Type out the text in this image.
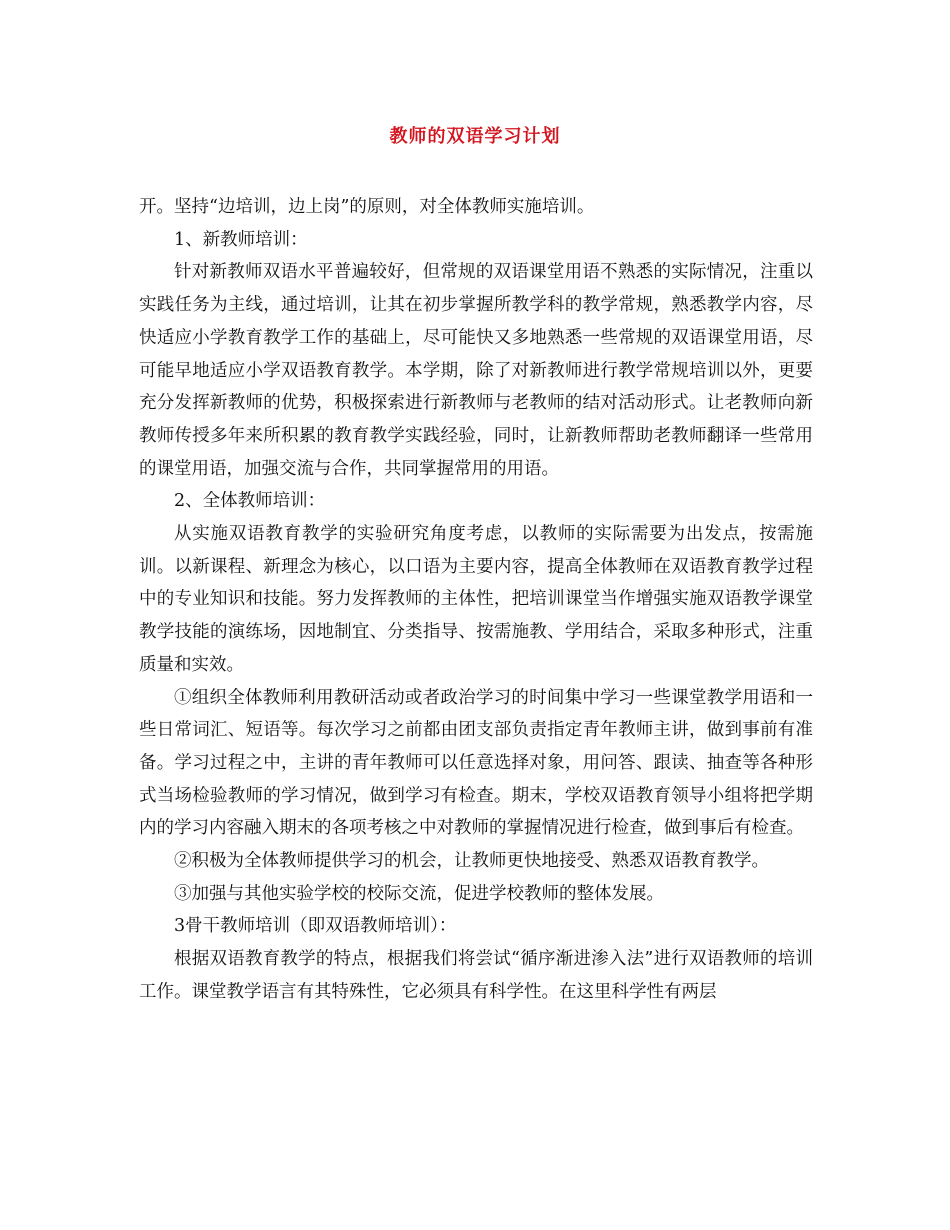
教师的双语学习计划

开。坚持“边培训，边上岗”的原则，对全体教师实施培训。

1、新教师培训：

针对新教师双语水平普遍较好，但常规的双语课堂用语不熟悉的实际情况，注重以实践任务为主线，通过培训，让其在初步掌握所教学科的教学常规，熟悉教学内容，尽快适应小学教育教学工作的基础上，尽可能快又多地熟悉一些常规的双语课堂用语，尽可能早地适应小学双语教育教学。本学期，除了对新教师进行教学常规培训以外，更要充分发挥新教师的优势，积极探索进行新教师与老教师的结对活动形式。让老教师向新教师传授多年来所积累的教育教学实践经验，同时，让新教师帮助老教师翻译一些常用的课堂用语，加强交流与合作，共同掌握常用的用语。

2、全体教师培训：

从实施双语教育教学的实验研究角度考虑，以教师的实际需要为出发点，按需施训。以新课程、新理念为核心，以口语为主要内容，提高全体教师在双语教育教学过程中的专业知识和技能。努力发挥教师的主体性，把培训课堂当作增强实施双语教学课堂教学技能的演练场，因地制宜、分类指导、按需施教、学用结合，采取多种形式，注重质量和实效。

①组织全体教师利用教研活动或者政治学习的时间集中学习一些课堂教学用语和一些日常词汇、短语等。每次学习之前都由团支部负责指定青年教师主讲，做到事前有准备。学习过程之中，主讲的青年教师可以任意选择对象，用问答、跟读、抽查等各种形式当场检验教师的学习情况，做到学习有检查。期末，学校双语教育领导小组将把学期内的学习内容融入期末的各项考核之中对教师的掌握情况进行检查，做到事后有检查。

②积极为全体教师提供学习的机会，让教师更快地接受、熟悉双语教育教学。

③加强与其他实验学校的校际交流，促进学校教师的整体发展。

3骨干教师培训（即双语教师培训）：

根据双语教育教学的特点，根据我们将尝试“循序渐进渗入法”进行双语教师的培训工作。课堂教学语言有其特殊性，它必须具有科学性。在这里科学性有两层
